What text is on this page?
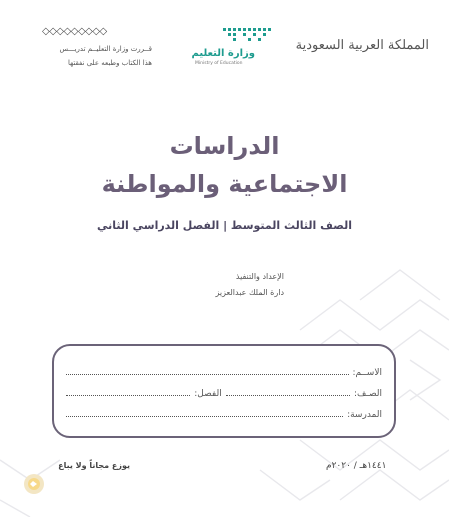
المملكة العربية السعودية
وزارة التعليم
Ministry of Education
◇◇◇◇◇◇◇◇◇
قــررت وزارة التعليــم تدريـــس
هذا الكتاب وطبعه على نفقتها
الدراسات
الاجتماعية والمواطنة
الصف الثالث المتوسط | الفصل الدراسي الثاني
الإعداد والتنفيذ
دارة الملك عبدالعزيز
الاســم:
الصـف:
الفصل:
المدرسة:
١٤٤١هـ / ٢٠٢٠م
يوزع مجاناً ولا يباع
